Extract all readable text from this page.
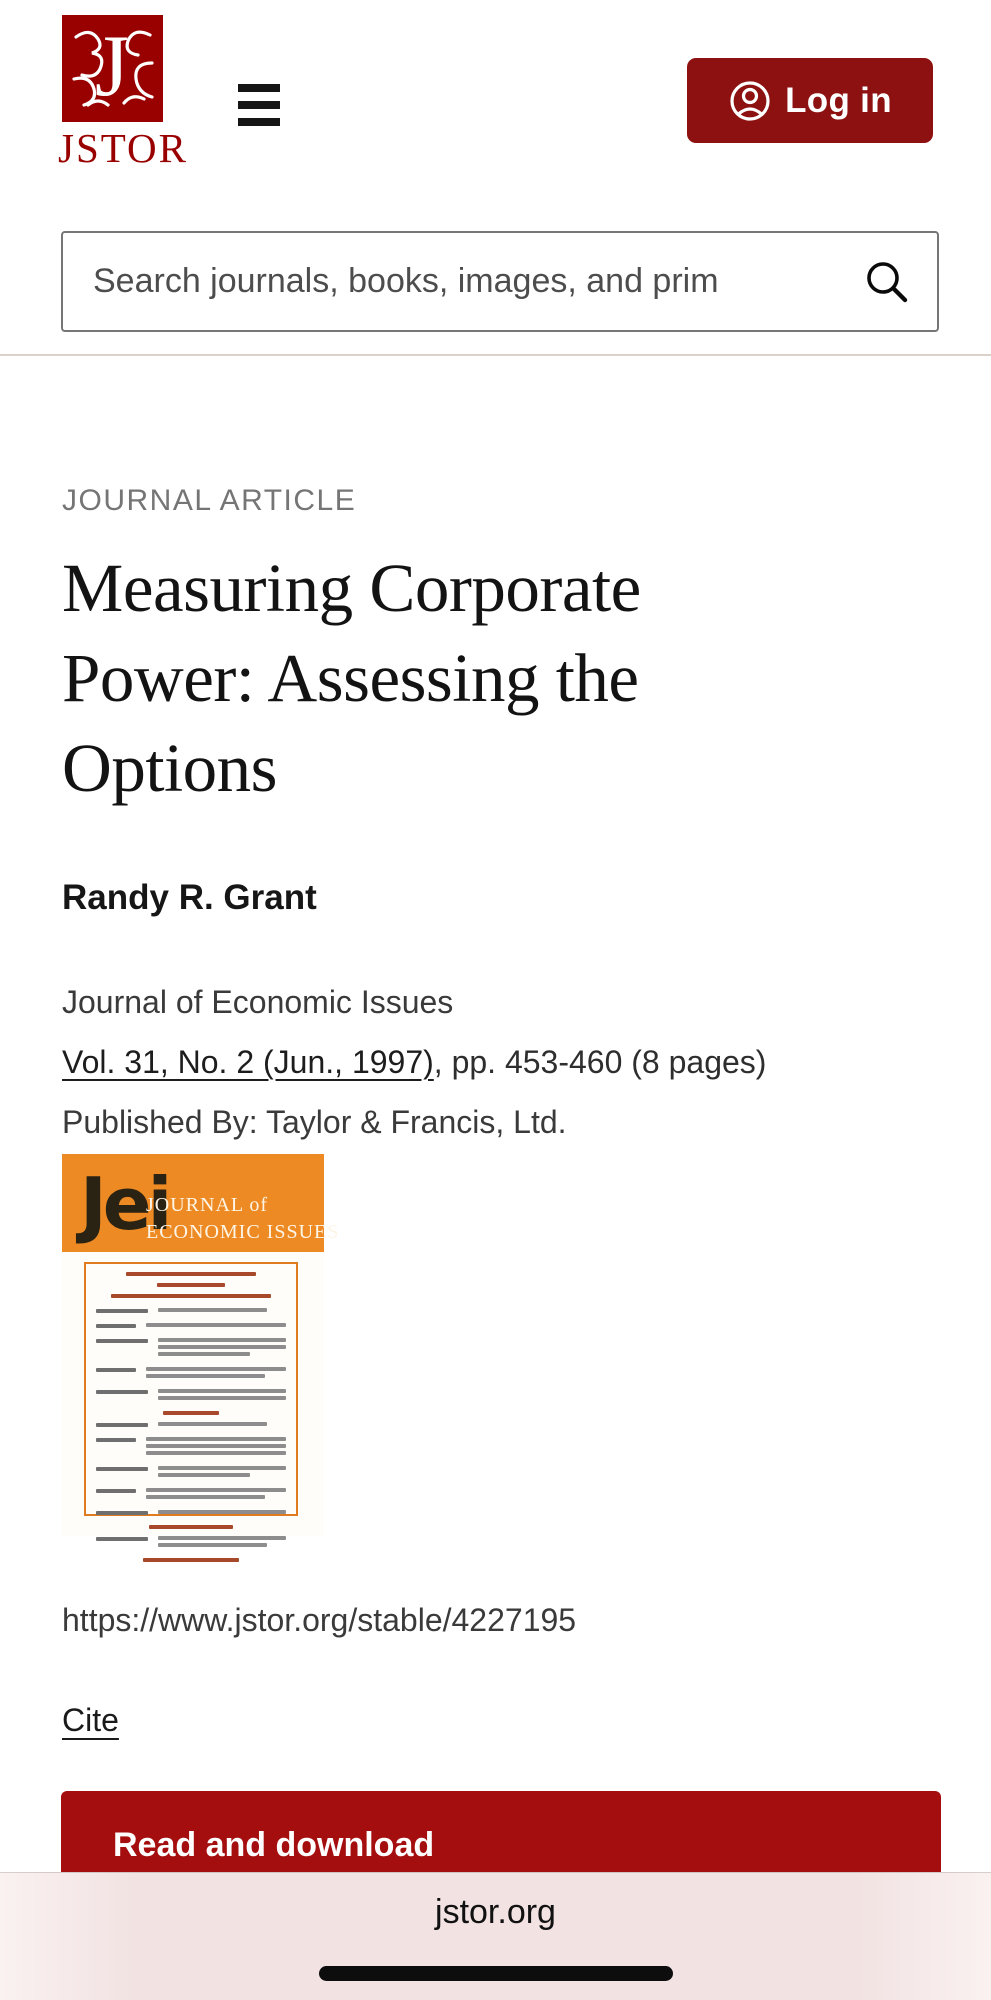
J
JSTOR
Log in
Search journals, books, images, and prim
JOURNAL ARTICLE
Measuring Corporate Power: Assessing the Options
Randy R. Grant
Journal of Economic Issues
Vol. 31, No. 2 (Jun., 1997), pp. 453-460 (8 pages)
Published By: Taylor & Francis, Ltd.
Jei
JOURNAL of
ECONOMIC ISSUES
https://www.jstor.org/stable/4227195
Cite
Read and download
jstor.org
